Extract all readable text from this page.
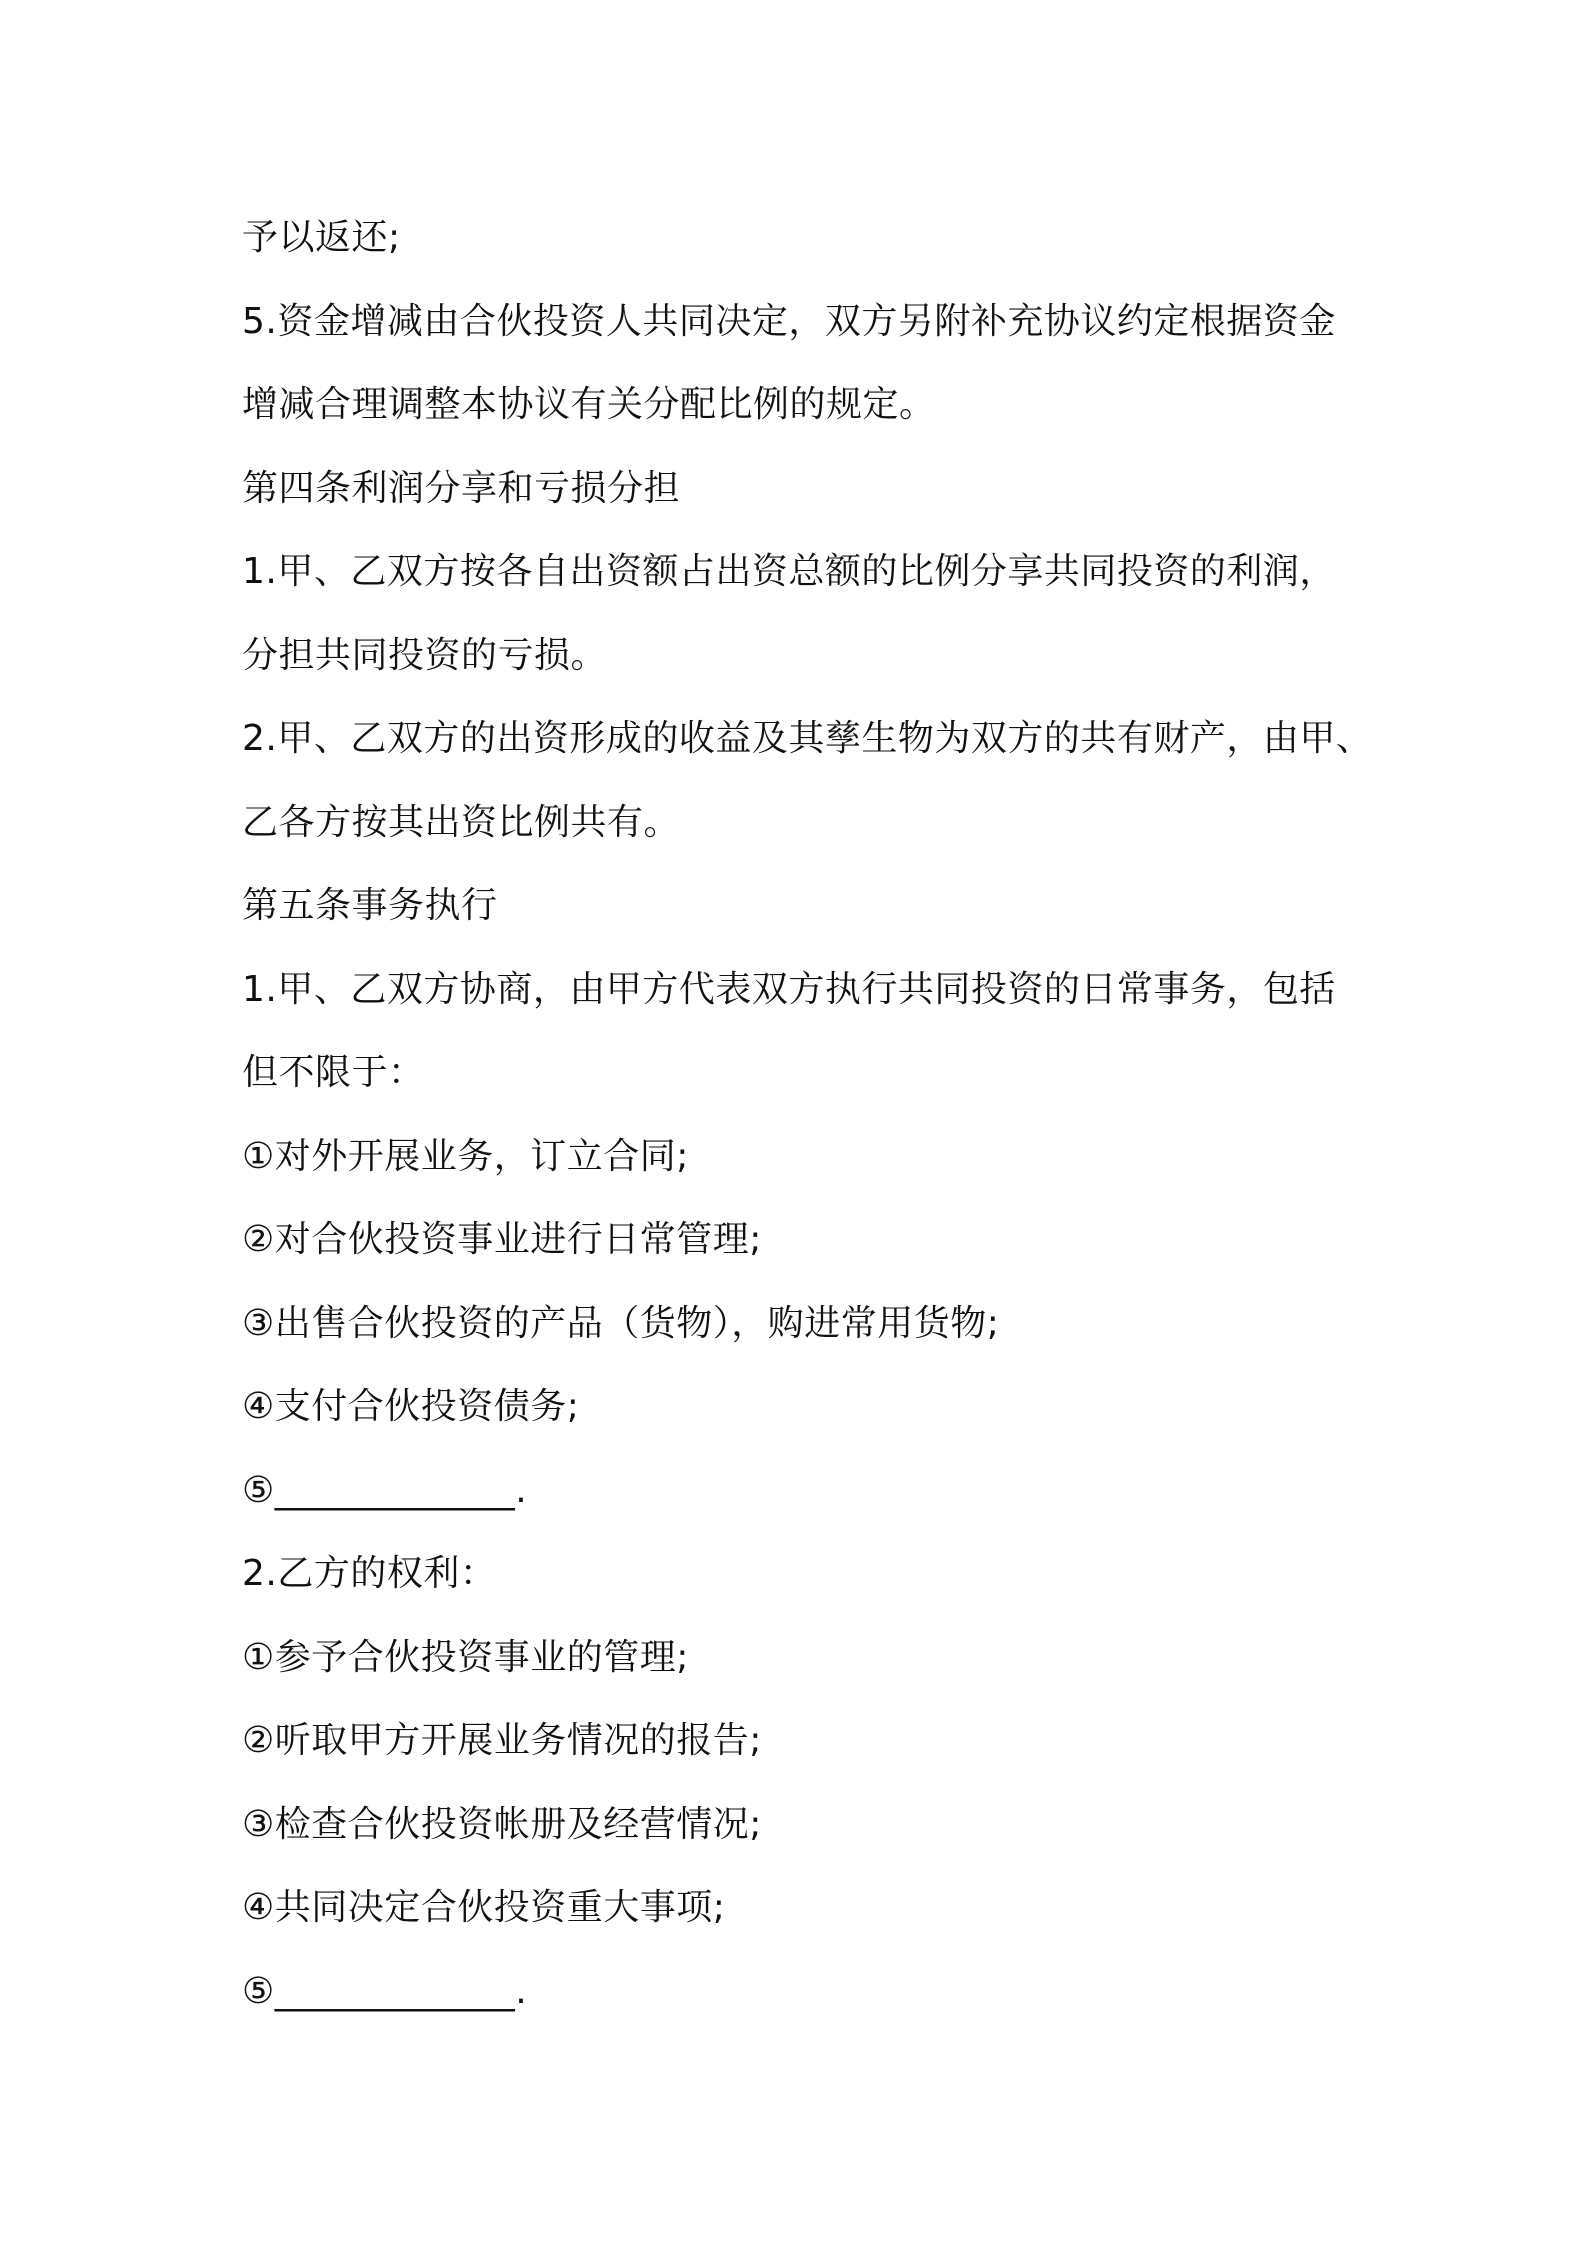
予以返还;
5.资金增减由合伙投资人共同决定，双方另附补充协议约定根据资金
增减合理调整本协议有关分配比例的规定。
第四条利润分享和亏损分担
1.甲、乙双方按各自出资额占出资总额的比例分享共同投资的利润，
分担共同投资的亏损。
2.甲、乙双方的出资形成的收益及其孳生物为双方的共有财产，由甲、
乙各方按其出资比例共有。
第五条事务执行
1.甲、乙双方协商，由甲方代表双方执行共同投资的日常事务，包括
但不限于：
①对外开展业务，订立合同;
②对合伙投资事业进行日常管理;
③出售合伙投资的产品（货物），购进常用货物;
④支付合伙投资债务;
⑤_____________.
2.乙方的权利：
①参予合伙投资事业的管理;
②听取甲方开展业务情况的报告;
③检查合伙投资帐册及经营情况;
④共同决定合伙投资重大事项;
⑤_____________.
